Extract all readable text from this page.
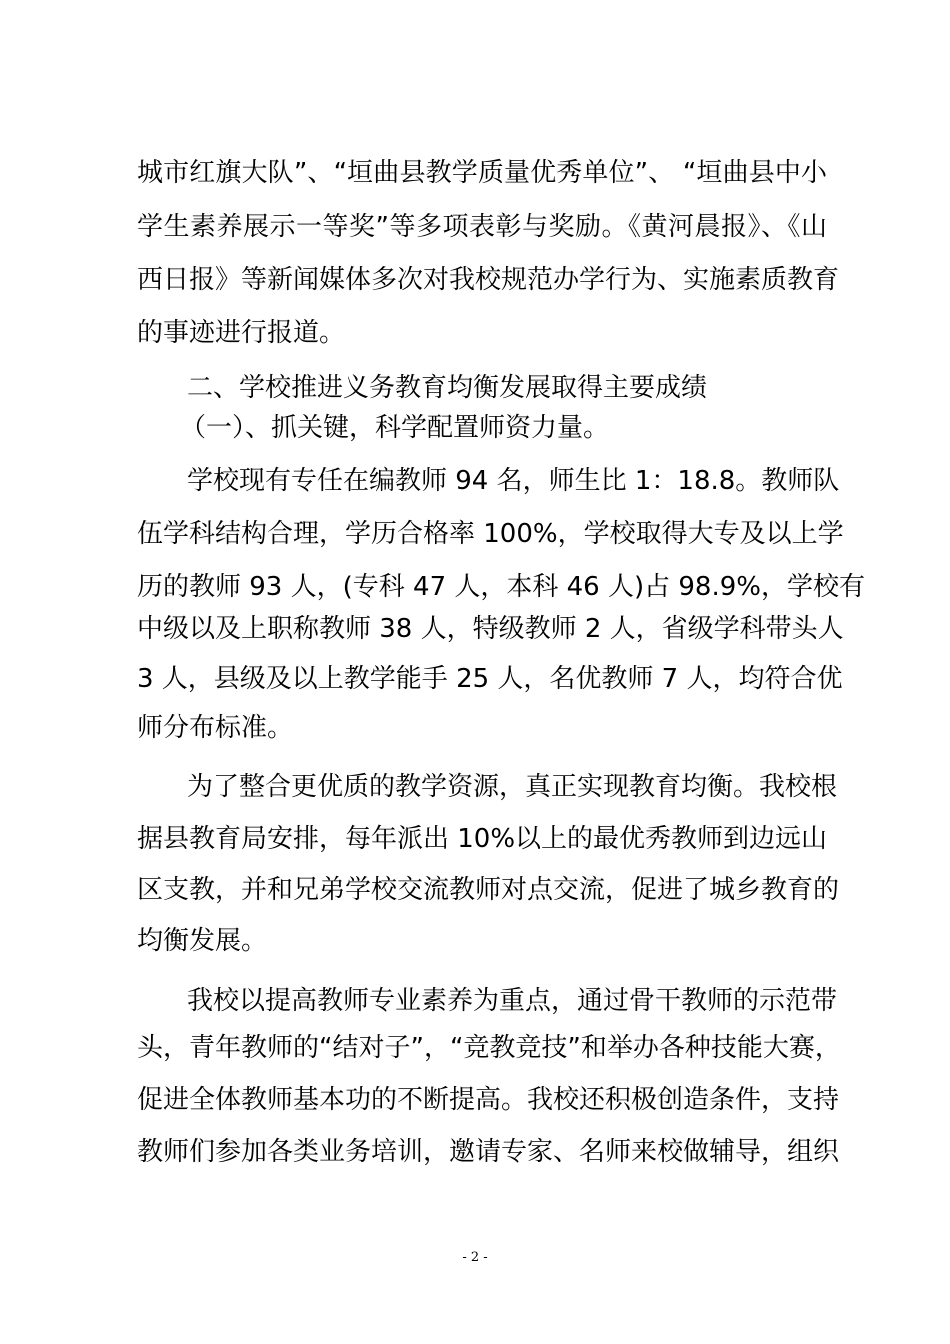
城市红旗大队”、“垣曲县教学质量优秀单位”、 “垣曲县中小
学生素养展示一等奖”等多项表彰与奖励。《黄河晨报》、《山
西日报》等新闻媒体多次对我校规范办学行为、实施素质教育
的事迹进行报道。
二、学校推进义务教育均衡发展取得主要成绩
（一）、抓关键，科学配置师资力量。
学校现有专任在编教师 94 名，师生比 1：18.8。教师队
伍学科结构合理，学历合格率 100%，学校取得大专及以上学
历的教师 93 人，(专科 47 人，本科 46 人)占 98.9%，学校有
中级以及上职称教师 38 人，特级教师 2 人，省级学科带头人
3 人，县级及以上教学能手 25 人，名优教师 7 人，均符合优
师分布标准。
为了整合更优质的教学资源，真正实现教育均衡。我校根
据县教育局安排，每年派出 10%以上的最优秀教师到边远山
区支教，并和兄弟学校交流教师对点交流，促进了城乡教育的
均衡发展。
我校以提高教师专业素养为重点，通过骨干教师的示范带
头，青年教师的“结对子”，“竞教竞技”和举办各种技能大赛，
促进全体教师基本功的不断提高。我校还积极创造条件，支持
教师们参加各类业务培训，邀请专家、名师来校做辅导，组织
- 2 -
